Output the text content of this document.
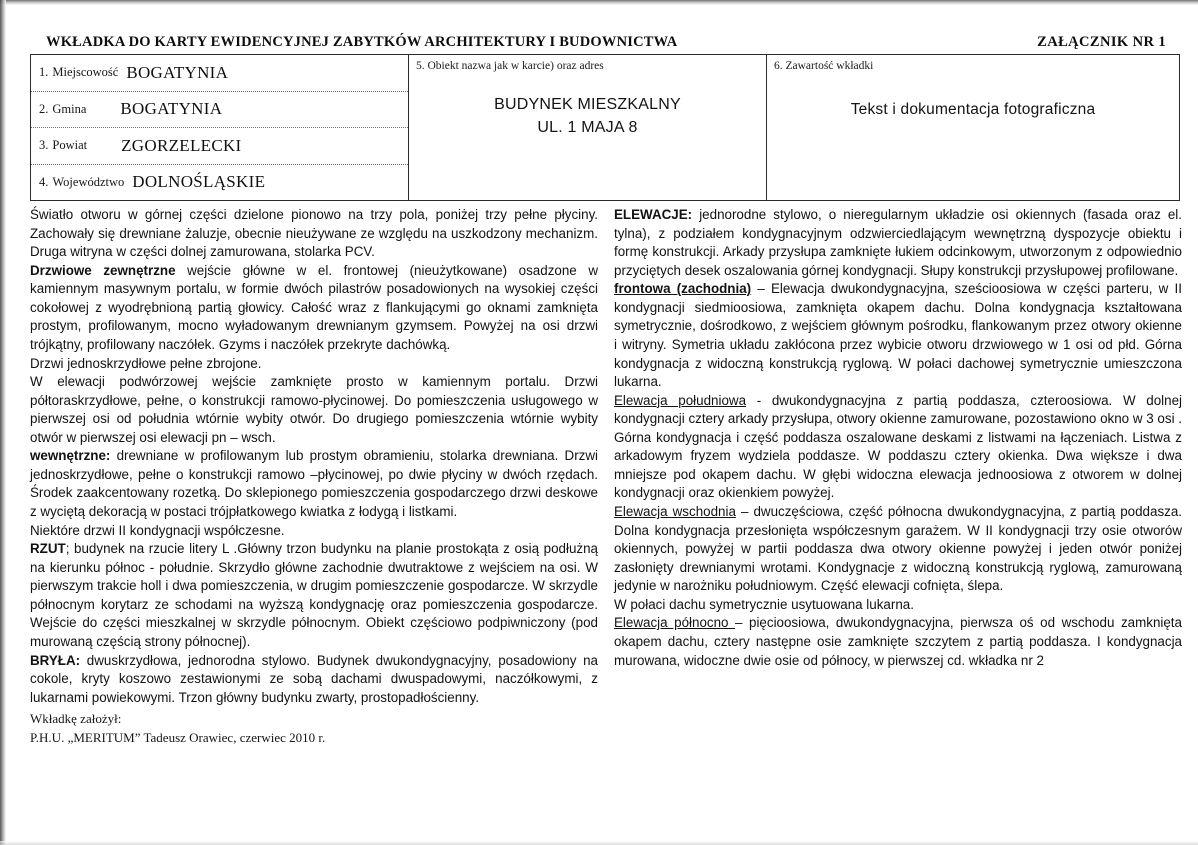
WKŁADKA DO KARTY EWIDENCYJNEJ ZABYTKÓW ARCHITEKTURY I BUDOWNICTWA	ZAŁĄCZNIK NR 1
1. Miejscowość BOGATYNIA
2. Gmina BOGATYNIA
3. Powiat ZGORZELECKI
4. Województwo DOLNOŚLĄSKIE
5. Obiekt nazwa jak w karcie) oraz adres
BUDYNEK MIESZKALNY
UL. 1 MAJA 8
6. Zawartość wkładki
Tekst i dokumentacja fotograficzna

Światło otworu w górnej części dzielone pionowo na trzy pola, poniżej trzy pełne płyciny. Zachowały się drewniane żaluzje, obecnie nieużywane ze względu na uszkodzony mechanizm. Druga witryna w części dolnej zamurowana, stolarka PCV.

Drzwiowe zewnętrzne wejście główne w el. frontowej (nieużytkowane) osadzone w kamiennym masywnym portalu, w formie dwóch pilastrów posadowionych na wysokiej części cokołowej z wyodrębnioną partią głowicy. Całość wraz z flankującymi go oknami zamknięta prostym, profilowanym, mocno wyładowanym drewnianym gzymsem. Powyżej na osi drzwi trójkątny, profilowany naczółek. Gzyms i naczółek przekryte dachówką.

Drzwi jednoskrzydłowe pełne zbrojone.

W elewacji podwórzowej wejście zamknięte prosto w kamiennym portalu. Drzwi półtoraskrzydłowe, pełne, o konstrukcji ramowo-płycinowej. Do pomieszczenia usługowego w pierwszej osi od południa wtórnie wybity otwór. Do drugiego pomieszczenia wtórnie wybity otwór w pierwszej osi elewacji pn – wsch.

wewnętrzne: drewniane w profilowanym lub prostym obramieniu, stolarka drewniana. Drzwi jednoskrzydłowe, pełne o konstrukcji ramowo –płycinowej, po dwie płyciny w dwóch rzędach. Środek zaakcentowany rozetką. Do sklepionego pomieszczenia gospodarczego drzwi deskowe z wyciętą dekoracją w postaci trójpłatkowego kwiatka z łodygą i listkami.

Niektóre drzwi II kondygnacji współczesne.

RZUT; budynek na rzucie litery L .Główny trzon budynku na planie prostokąta z osią podłużną na kierunku północ - południe. Skrzydło główne zachodnie dwutraktowe z wejściem na osi. W pierwszym trakcie holl i dwa pomieszczenia, w drugim pomieszczenie gospodarcze. W skrzydle północnym korytarz ze schodami na wyższą kondygnację oraz pomieszczenia gospodarcze. Wejście do części mieszkalnej w skrzydle północnym. Obiekt częściowo podpiwniczony (pod murowaną częścią strony północnej).

BRYŁA: dwuskrzydłowa, jednorodna stylowo. Budynek dwukondygnacyjny, posadowiony na cokole, kryty koszowo zestawionymi ze sobą dachami dwuspadowymi, naczółkowymi, z lukarnami powiekowymi. Trzon główny budynku zwarty, prostopadłościenny.

Wkładkę założył:

P.H.U. „MERITUM” Tadeusz Orawiec, czerwiec 2010 r.

ELEWACJE: jednorodne stylowo, o nieregularnym układzie osi okiennych (fasada oraz el. tylna), z podziałem kondygnacyjnym odzwierciedlającym wewnętrzną dyspozycje obiektu i formę konstrukcji. Arkady przysłupa zamknięte łukiem odcinkowym, utworzonym z odpowiednio przyciętych desek oszalowania górnej kondygnacji. Słupy konstrukcji przysłupowej profilowane.

frontowa (zachodnia) – Elewacja dwukondygnacyjna, sześcioosiowa w części parteru, w II kondygnacji siedmioosiowa, zamknięta okapem dachu. Dolna kondygnacja kształtowana symetrycznie, dośrodkowo, z wejściem głównym pośrodku, flankowanym przez otwory okienne i witryny. Symetria układu zakłócona przez wybicie otworu drzwiowego w 1 osi od płd. Górna kondygnacja z widoczną konstrukcją ryglową. W połaci dachowej symetrycznie umieszczona lukarna.

Elewacja południowa - dwukondygnacyjna z partią poddasza, czteroosiowa. W dolnej kondygnacji cztery arkady przysłupa, otwory okienne zamurowane, pozostawiono okno w 3 osi . Górna kondygnacja i część poddasza oszalowane deskami z listwami na łączeniach. Listwa z arkadowym fryzem wydziela poddasze. W poddaszu cztery okienka. Dwa większe i dwa mniejsze pod okapem dachu. W głębi widoczna elewacja jednoosiowa z otworem w dolnej kondygnacji oraz okienkiem powyżej.

Elewacja wschodnia – dwuczęściowa, część północna dwukondygnacyjna, z partią poddasza. Dolna kondygnacja przesłonięta współczesnym garażem. W II kondygnacji trzy osie otworów okiennych, powyżej w partii poddasza dwa otwory okienne powyżej i jeden otwór poniżej zasłonięty drewnianymi wrotami. Kondygnacje z widoczną konstrukcją ryglową, zamurowaną jedynie w narożniku południowym. Część elewacji cofnięta, ślepa.

W połaci dachu symetrycznie usytuowana lukarna.

Elewacja północno – pięcioosiowa, dwukondygnacyjna, pierwsza oś od wschodu zamknięta okapem dachu, cztery następne osie zamknięte szczytem z partią poddasza. I kondygnacja murowana, widoczne dwie osie od północy, w pierwszej cd. wkładka nr 2
